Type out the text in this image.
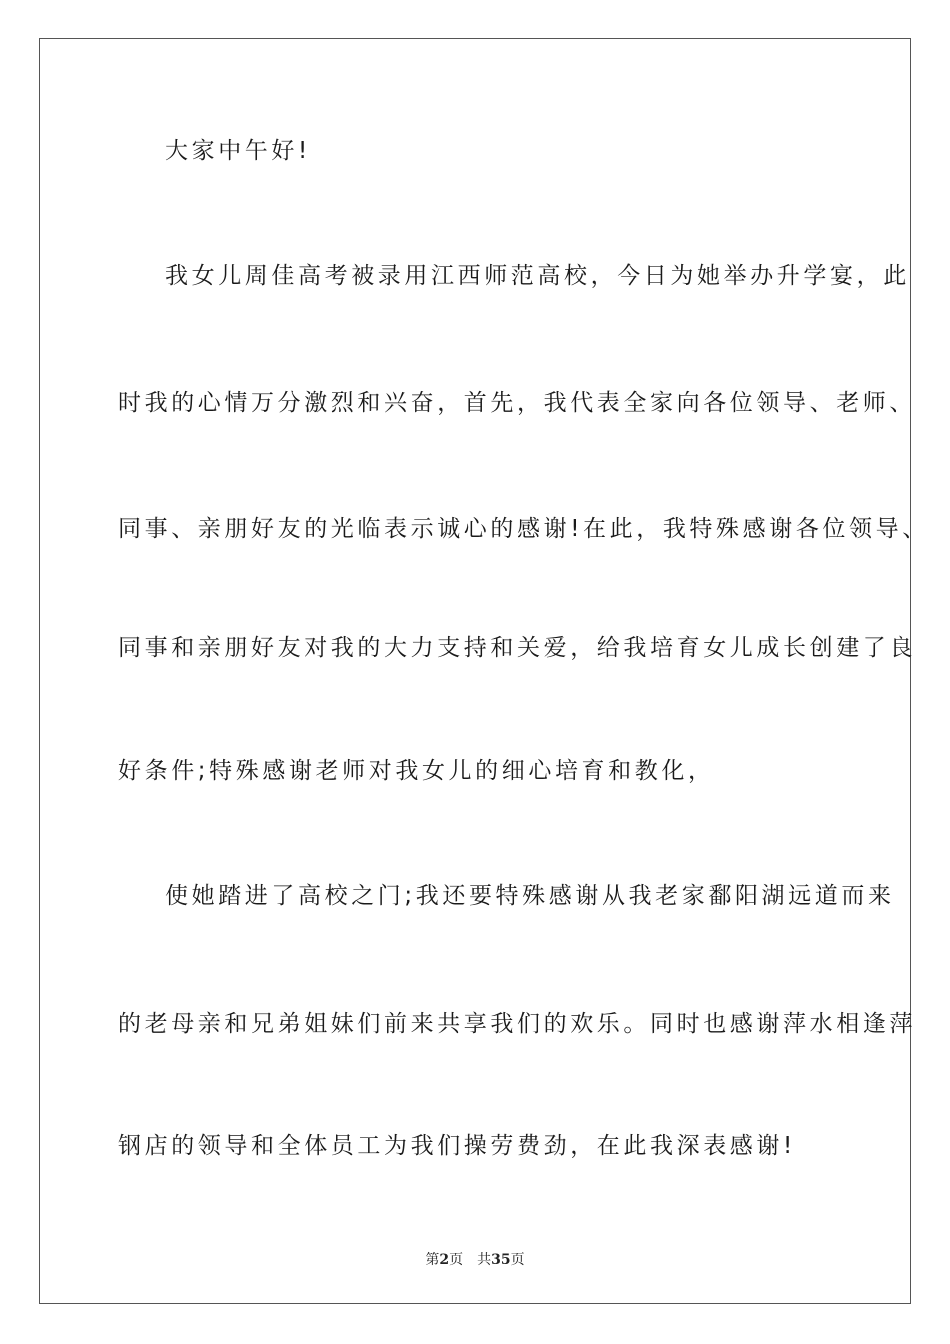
大家中午好!
我女儿周佳高考被录用江西师范高校，今日为她举办升学宴，此
时我的心情万分激烈和兴奋，首先，我代表全家向各位领导、老师、
同事、亲朋好友的光临表示诚心的感谢!在此，我特殊感谢各位领导、
同事和亲朋好友对我的大力支持和关爱，给我培育女儿成长创建了良
好条件;特殊感谢老师对我女儿的细心培育和教化，
使她踏进了高校之门;我还要特殊感谢从我老家鄱阳湖远道而来
的老母亲和兄弟姐妹们前来共享我们的欢乐。同时也感谢萍水相逢萍
钢店的领导和全体员工为我们操劳费劲，在此我深表感谢!
第2页 共35页
